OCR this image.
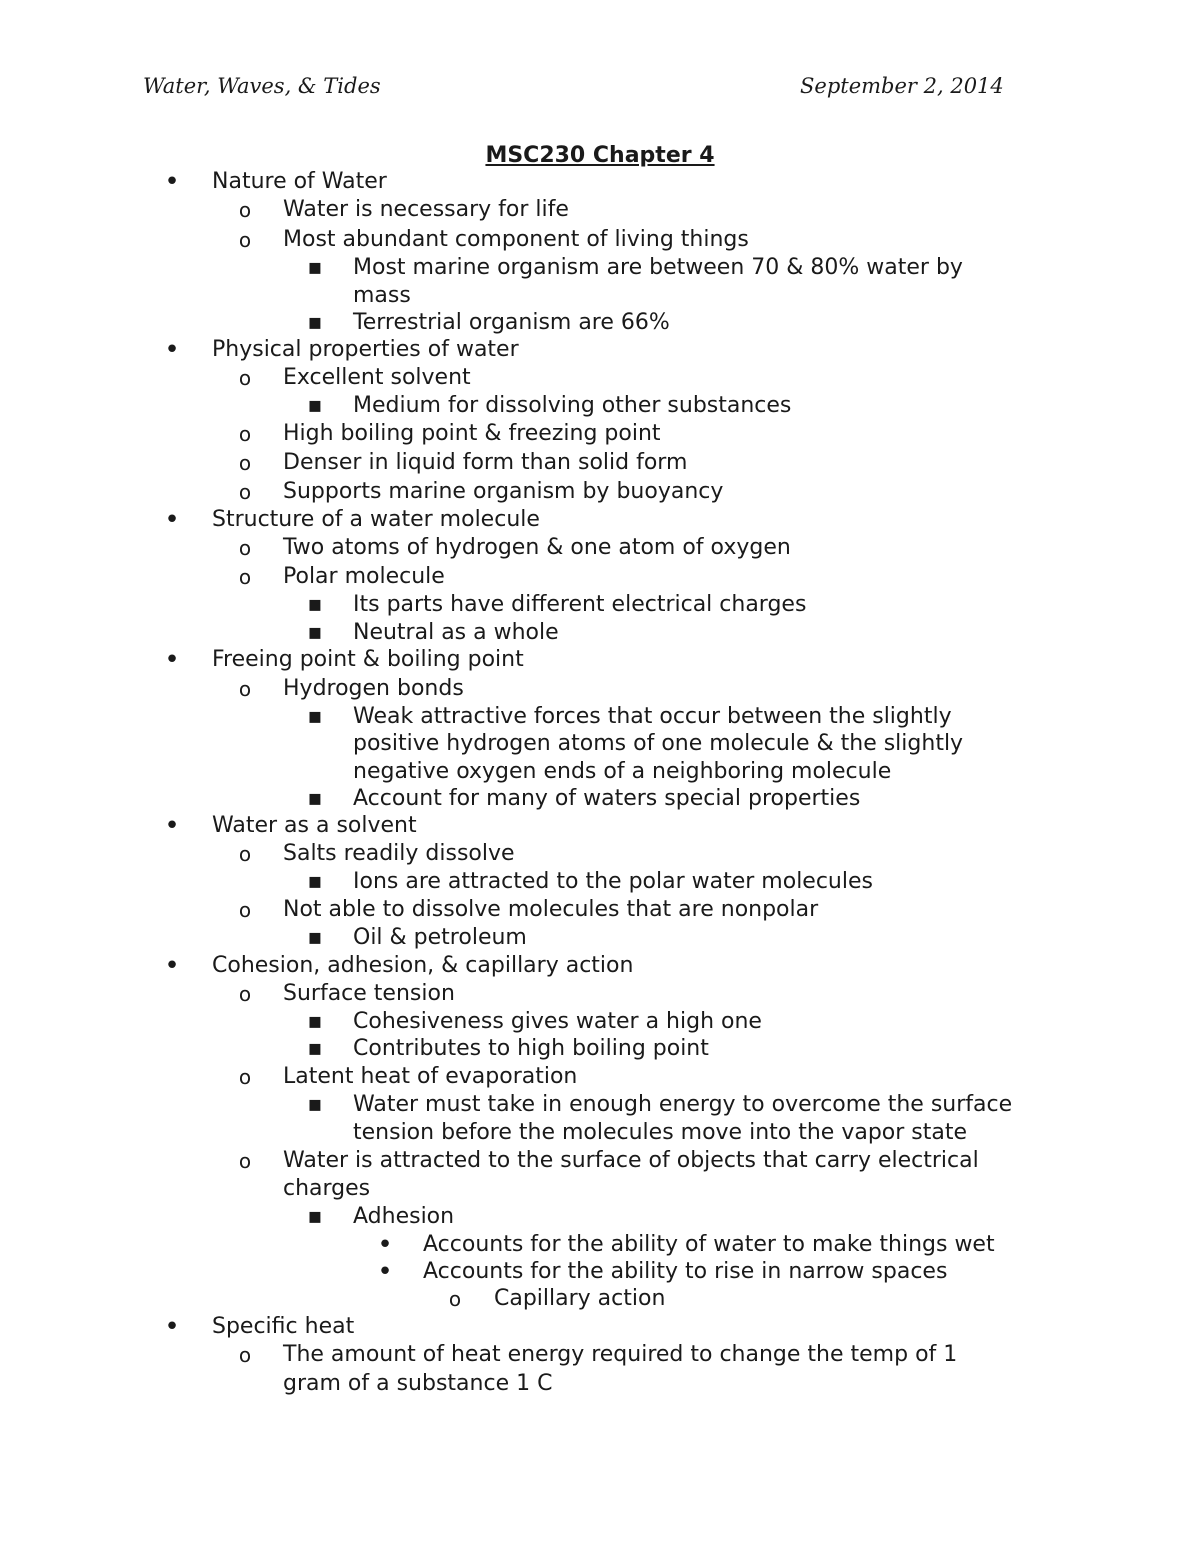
Water, Waves, & Tides	September 2, 2014
MSC230 Chapter 4
•
Nature of Water
o
Water is necessary for life
o
Most abundant component of living things
▪
Most marine organism are between 70 & 80% water by
mass
▪
Terrestrial organism are 66%
•
Physical properties of water
o
Excellent solvent
▪
Medium for dissolving other substances
o
High boiling point & freezing point
o
Denser in liquid form than solid form
o
Supports marine organism by buoyancy
•
Structure of a water molecule
o
Two atoms of hydrogen & one atom of oxygen
o
Polar molecule
▪
Its parts have different electrical charges
▪
Neutral as a whole
•
Freeing point & boiling point
o
Hydrogen bonds
▪
Weak attractive forces that occur between the slightly
positive hydrogen atoms of one molecule & the slightly
negative oxygen ends of a neighboring molecule
▪
Account for many of waters special properties
•
Water as a solvent
o
Salts readily dissolve
▪
Ions are attracted to the polar water molecules
o
Not able to dissolve molecules that are nonpolar
▪
Oil & petroleum
•
Cohesion, adhesion, & capillary action
o
Surface tension
▪
Cohesiveness gives water a high one
▪
Contributes to high boiling point
o
Latent heat of evaporation
▪
Water must take in enough energy to overcome the surface
tension before the molecules move into the vapor state
o
Water is attracted to the surface of objects that carry electrical
charges
▪
Adhesion
•
Accounts for the ability of water to make things wet
•
Accounts for the ability to rise in narrow spaces
o
Capillary action
•
Specific heat
o
The amount of heat energy required to change the temp of 1
gram of a substance 1 C
